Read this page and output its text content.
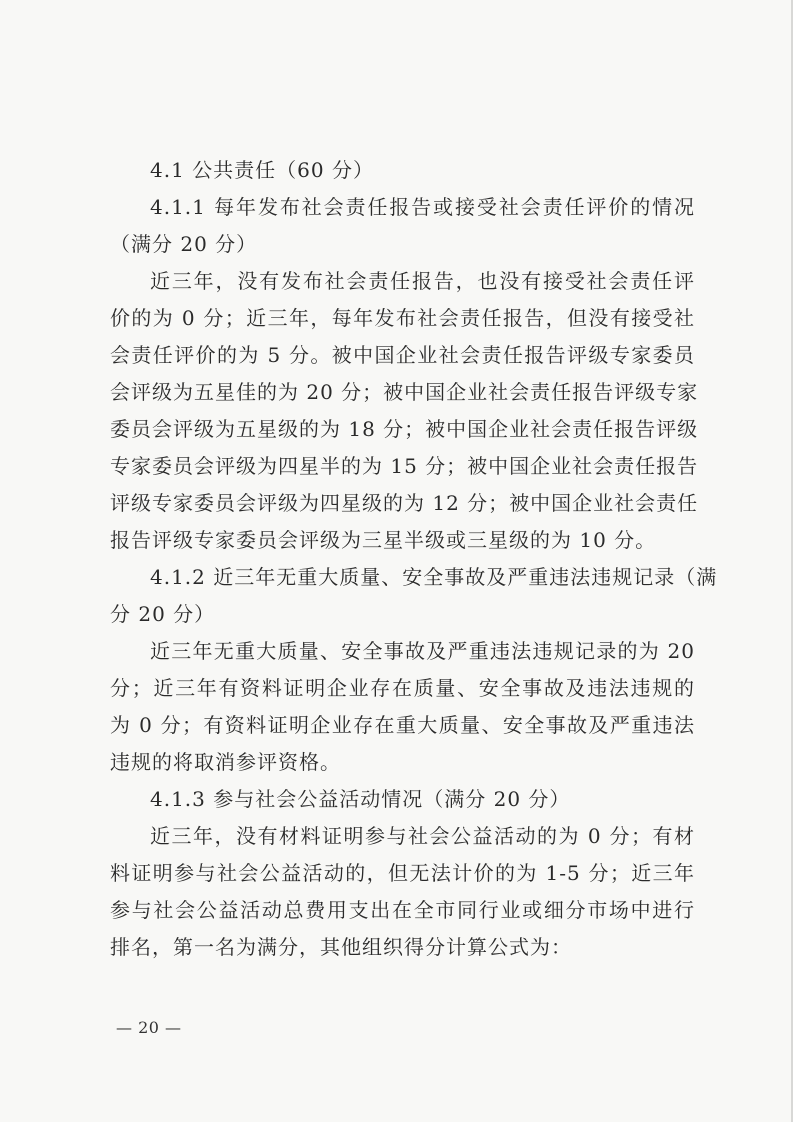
4.1 公共责任（60 分）
4.1.1 每年发布社会责任报告或接受社会责任评价的情况
（满分 20 分）
近三年，没有发布社会责任报告，也没有接受社会责任评
价的为 0 分；近三年，每年发布社会责任报告，但没有接受社
会责任评价的为 5 分。被中国企业社会责任报告评级专家委员
会评级为五星佳的为 20 分；被中国企业社会责任报告评级专家
委员会评级为五星级的为 18 分；被中国企业社会责任报告评级
专家委员会评级为四星半的为 15 分；被中国企业社会责任报告
评级专家委员会评级为四星级的为 12 分；被中国企业社会责任
报告评级专家委员会评级为三星半级或三星级的为 10 分。
4.1.2 近三年无重大质量、安全事故及严重违法违规记录（满
分 20 分）
近三年无重大质量、安全事故及严重违法违规记录的为 20
分；近三年有资料证明企业存在质量、安全事故及违法违规的
为 0 分；有资料证明企业存在重大质量、安全事故及严重违法
违规的将取消参评资格。
4.1.3 参与社会公益活动情况（满分 20 分）
近三年，没有材料证明参与社会公益活动的为 0 分；有材
料证明参与社会公益活动的，但无法计价的为 1-5 分；近三年
参与社会公益活动总费用支出在全市同行业或细分市场中进行
排名，第一名为满分，其他组织得分计算公式为：
— 20 —
